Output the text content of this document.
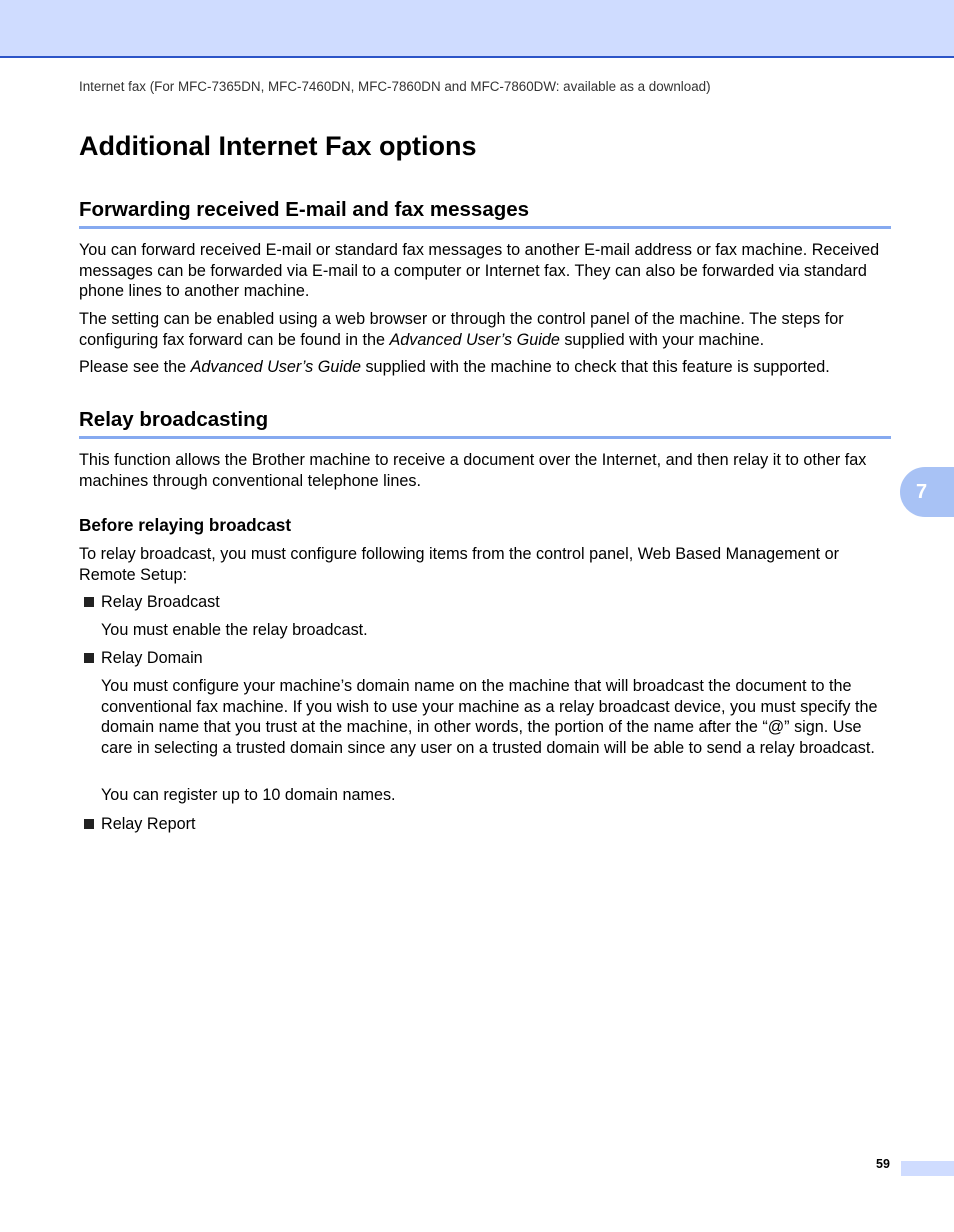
Internet fax (For MFC-7365DN, MFC-7460DN, MFC-7860DN and MFC-7860DW: available as a download)
Additional Internet Fax options
Forwarding received E-mail and fax messages

You can forward received E-mail or standard fax messages to another E-mail address or fax machine. Received messages can be forwarded via E-mail to a computer or Internet fax. They can also be forwarded via standard phone lines to another machine.

The setting can be enabled using a web browser or through the control panel of the machine. The steps for configuring fax forward can be found in the Advanced User’s Guide supplied with your machine.

Please see the Advanced User’s Guide supplied with the machine to check that this feature is supported.

Relay broadcasting

This function allows the Brother machine to receive a document over the Internet, and then relay it to other fax machines through conventional telephone lines.

Before relaying broadcast

To relay broadcast, you must configure following items from the control panel, Web Based Management or Remote Setup:

Relay Broadcast

You must enable the relay broadcast.

Relay Domain

You must configure your machine’s domain name on the machine that will broadcast the document to the conventional fax machine. If you wish to use your machine as a relay broadcast device, you must specify the domain name that you trust at the machine, in other words, the portion of the name after the “@” sign. Use care in selecting a trusted domain since any user on a trusted domain will be able to send a relay broadcast.

You can register up to 10 domain names.

Relay Report
7
59
